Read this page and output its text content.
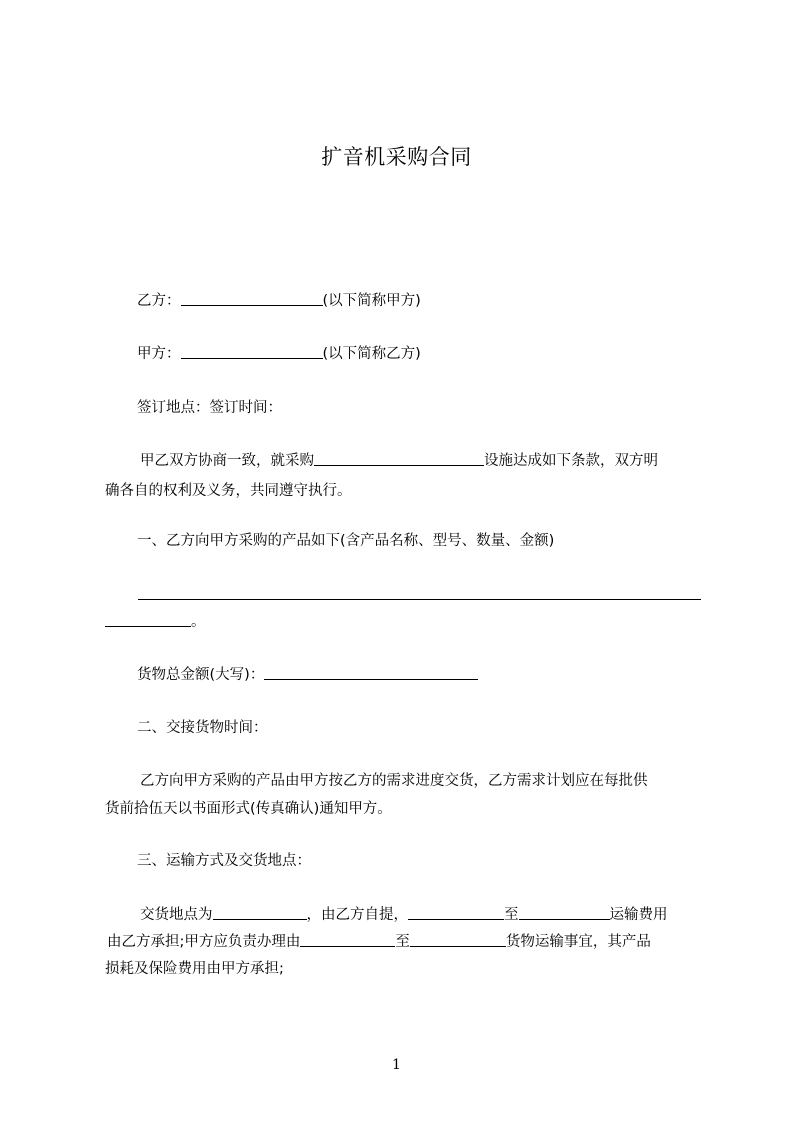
扩音机采购合同
乙方：	(以下简称甲方)
甲方：	(以下简称乙方)
签订地点：签订时间：
甲乙双方协商一致，就采购	设施达成如下条款，双方明
确各自的权利及义务，共同遵守执行。
一、乙方向甲方采购的产品如下(含产品名称、型号、数量、金额)
。
货物总金额(大写)：
二、交接货物时间：
乙方向甲方采购的产品由甲方按乙方的需求进度交货，乙方需求计划应在每批供
货前拾伍天以书面形式(传真确认)通知甲方。
三、运输方式及交货地点：
交货地点为	，由乙方自提，	至	运输费用
由乙方承担;甲方应负责办理由	至	货物运输事宜，其产品
损耗及保险费用由甲方承担;
1
